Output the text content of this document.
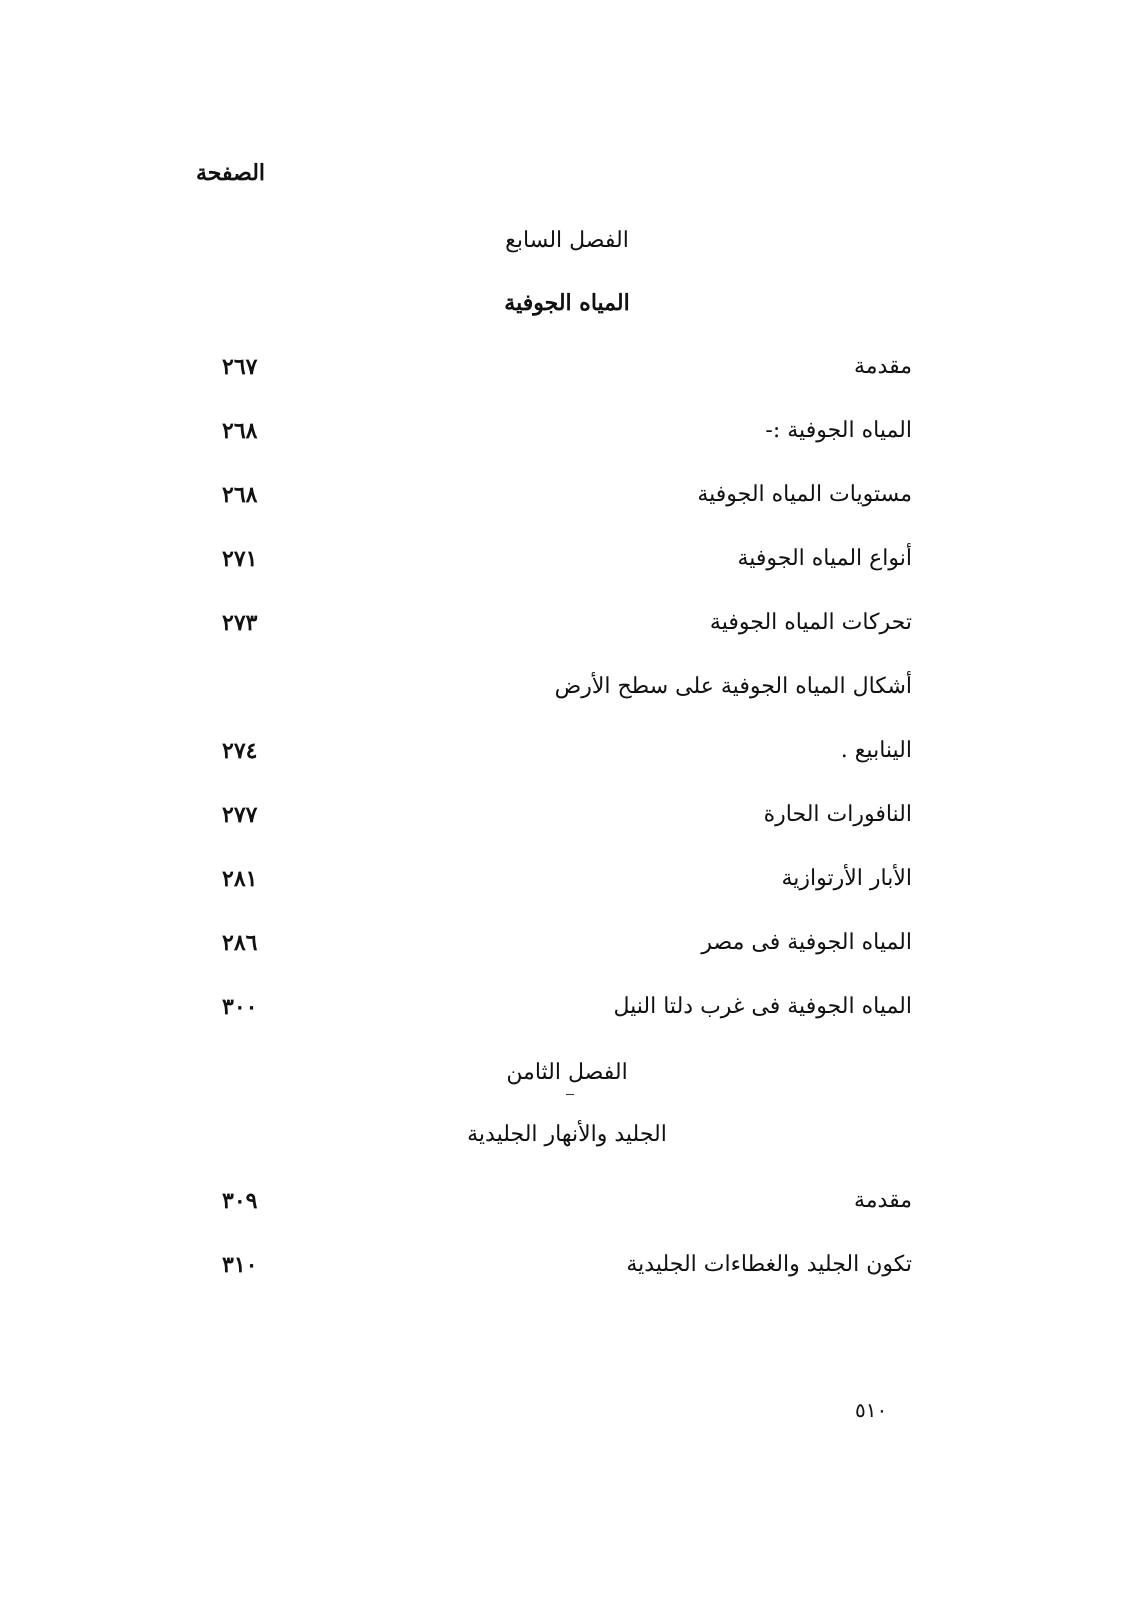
الصفحة
الفصل السابع
المياه الجوفية
مقدمة
٢٦٧
المياه الجوفية :-
٢٦٨
مستويات المياه الجوفية
٢٦٨
أنواع المياه الجوفية
٢٧١
تحركات المياه الجوفية
٢٧٣
أشكال المياه الجوفية على سطح الأرض
الينابيع .
٢٧٤
النافورات الحارة
٢٧٧
الأبار الأرتوازية
٢٨١
المياه الجوفية فى مصر
٢٨٦
المياه الجوفية فى غرب دلتا النيل
٣٠٠
الفصل الثامن
الجليد والأنهار الجليدية
مقدمة
٣٠٩
تكون الجليد والغطاءات الجليدية
٣١٠
٥١٠
